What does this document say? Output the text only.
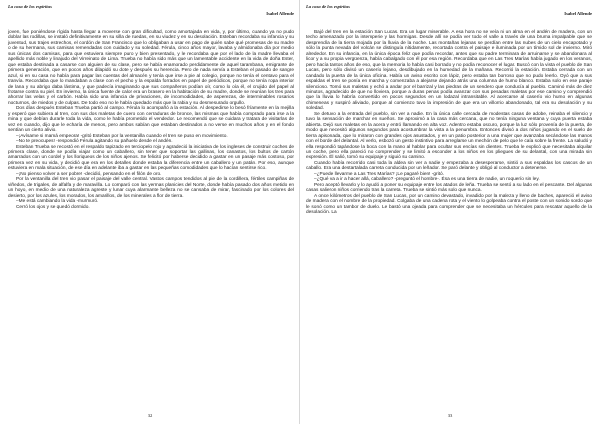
La casa de los espíritus
Isabel Allende

joven, fue poniéndose rígida hasta llegar a moverse con gran dificultad, como amortajada en vida, y, por último, cuando ya no pudo doblar las rodillas, se instaló definitivamente en su silla de ruedas, en su viudez y en su desolación. Esteban recordaba su infancia y su juventud, sus trajes estrechos, el cordón de San Francisco que lo obligaban a usar en pago de quién sabe qué promesas de su madre o de su hermana, sus camisas remendadas con cuidado y su soledad. Férula, cinco años mayor, lavaba y almidonaba día por medio sus únicas dos camisas, para que estuviera siempre puro y bien presentado, y le recordaba que por el lado de la madre llevaba el apellido más noble y linajudo del Virreinato de Lima. Trueba no había sido más que un lamentable accidente en la vida de doña Ester, que estaba destinada a casarse con alguien de su clase, pero se había enamorado perdidamente de aquel tarambana, emigrante de primera generación, que en pocos años dilapidó su dote y después su herencia. Pero de nada servía a Esteban el pasado de sangre azul, si en su casa no había para pagar las cuentas del almacén y tenía que irse a pie al colegio, porque no tenía el centavo para el tranvía. Recordaba que lo mandaban a clase con el pecho y la espalda forrados en papel de periódicos, porque no tenía ropa interior de lana y su abrigo daba lástima, y que padecía imaginando que sus compañeros podían oír, como lo oía él, el crujido del papel al frotarse contra su piel. En invierno, la única fuente de calor era un brasero en la habitación de su madre, donde se reunían los tres para ahorrar las velas y el carbón. Había sido una infancia de privaciones, de incomodidades, de asperezas, de interminables rosarios nocturnos, de miedos y de culpas. De todo eso no le había quedado más que la rabia y su desmesurado orgullo.

Dos días después Esteban Trueba partió al campo. Férula lo acompañó a la estación. Al despedirse lo besó fríamente en la mejilla y esperó que subiera al tren, con sus dos maletas de cuero con cerraduras de bronce, las mismas que había comprado para irse a la mina y que debían durarle toda la vida, como le había prometido el vendedor. Le recomendó que se cuidara y tratara de visitarlas de vez en cuando, dijo que le echaría de menos, pero ambos sabían que estaban destinados a no verse en muchos años y en el fondo sentían un cierto alivio.

–¡Avísame si mamá empeora! -gritó Esteban por la ventanilla cuando el tren se puso en movimiento.

–No te preocupes! -respondió Férula agitando su pañuelo desde el andén.

Esteban Trueba se recostó en el respaldo tapizado en terciopelo rojo y agradeció la iniciativa de los ingleses de construir coches de primera clase, donde se podía viajar como un caballero, sin tener que soportar las gallinas, los canastos, los bultos de cartón amarrados con un cordel y los lloriqueos de los niños ajenos. Se felicitó por haberse decidido a gastar en un pasaje más costoso, por primera vez en su vida, y decidió que era en los detalles donde estaba la diferencia entre un caballero y un patán. Por eso, aunque estuviera en mala situación, de ese día en adelante iba a gastar en las pequeñas comodidades que lo hacían sentirse rico.

–¡No pienso volver a ser pobre! -decidió, pensando en el filón de oro.

Por la ventanilla del tren vio pasar el paisaje del valle central. Vastos campos tendidos al pie de la cordillera, fértiles campiñas de viñedos, de trigales, de alfalfa y de maravilla. Lo comparó con las yermas planicies del Norte, donde había pasado dos años metido en un hoyo, en medio de una naturaleza agreste y lunar cuya alarmante belleza no se cansaba de mirar, fascinado por los colores del desierto, por los azules, los morados, los amarillos, de los minerales a flor de tierra.

–Me está cambiando la vida -murmuró.

Cerró los ojos y se quedó dormido.

32
La casa de los espíritus
Isabel Allende

Bajó del tren en la estación San Lucas. Era un lugar miserable. A esa hora no se veía ni un alma en el andén de madera, con un techo amenazado por la intemperie y las hormigas. Desde allí se podía ver todo el valle a través de una bruma impalpable que se desprendía de la tierra mojada por la lluvia de la noche. Las montañas lejanas se perdían entre las nubes de un cielo encapotado y sólo la punta nevada del volcán se distinguía nítidamente, recortada contra el paisaje e iluminada por un tímido sol de invierno. Miró alrededor. En su infancia, en la única época feliz que podía recordar, antes que su padre terminara de arruinarse y se abandonara al licor y a su propia vergüenza, había cabalgado con él por esa región. Recordaba que en Las Tres Marías había jugado en los veranos, pero hacía tantos años de eso, que la memoria lo había casi borrado y no podía reconocer el lugar. Buscó con la vista el pueblo de San Lucas, pero sólo divisó un caserío lejano, desdibujado en la humedad de la mañana. Recorrió la estación. Estaba cerrada con un candado la puerta de la única oficina. Había un aviso escrito con lápiz, pero estaba tan borroso que no pudo leerlo. Oyó que a sus espaldas el tren se ponía en marcha y comenzaba a alejarse dejando atrás una columna de humo blanco. Estaba solo en ese paraje silencioso. Tomó sus maletas y echó a andar por el barrizal y las piedras de un sendero que conducía al pueblo. Caminó más de diez minutos, agradecido de que no lloviera, porque a duras penas podía avanzar con sus pesadas maletas por ese camino y comprendió que la lluvia lo habría convertido en pocos segundos en un lodazal intransitable. Al acercarse al caserío vio humo en algunas chimeneas y suspiró aliviado, porque al comienzo tuvo la impresión de que era un villorrio abandonado, tal era su desolación y su soledad.

Se detuvo a la entrada del pueblo, sin ver a nadie. En la única calle cercada de modestas casas de adobe, reinaba el silencio y tuvo la sensación de marchar en sueños. Se aproximó a la casa más cercana, que no tenía ninguna ventana y cuya puerta estaba abierta. Dejó sus maletas en la acera y entró llamando en alta voz. Adentro estaba oscuro, porque la luz sólo provenía de la puerta, de modo que necesitó algunos segundos para acostumbrar la vista a la penumbra. Entonces divisó a dos niños jugando en el suelo de tierra apisonada, que lo miraron con grandes ojos asustados, y en un patio posterior a una mujer que avanzaba secándose las manos con el borde del delantal. Al verlo, esbozó un gesto instintivo para arreglarse un mechón de pelo que le caía sobre la frente. La saludó y ella respondió tapándose la boca con la mano al hablar para ocultar sus encías sin dientes. Trueba le explicó que necesitaba alquilar un coche, pero ella pareció no comprender y se limitó a esconder a los niños en los pliegues de su delantal, con una mirada sin expresión. Él salió, tomó su equipaje y siguió su camino.

Cuando había recorrido casi toda la aldea sin ver a nadie y empezaba a desesperarse, sintió a sus espaldas los cascos de un caballo. Era una destartalada carreta conducida por un leñador. Se paró delante y obligó al conductor a detenerse.

–¿Puede llevarme a Las Tres Marías? ¡Le pagaré bien! -gritó.

–¿Qué va a ir a hacer allá, caballero? -preguntó el hombre-. Ésa es una tierra de nadie, un roquerío sin ley.

Pero aceptó llevarlo y lo ayudó a poner su equipaje entre los atados de leña. Trueba se sentó a su lado en el pescante. Del algunas casas salieron niños corriendo tras la carreta. Trueba se sintió más solo que nunca.

A once kilómetros del pueblo de San Lucas, por un camino devastado, invadido por la maleza y lleno de baches, apareció el aviso de madera con el nombre de la propiedad. Colgaba de una cadena rota y el viento lo golpeaba contra el poste con un sonido sordo que le sonó como un tambor de duelo. Le bastó una ojeada para comprender que se necesitaba un hércules para rescatar aquello de la desolación. La

33
